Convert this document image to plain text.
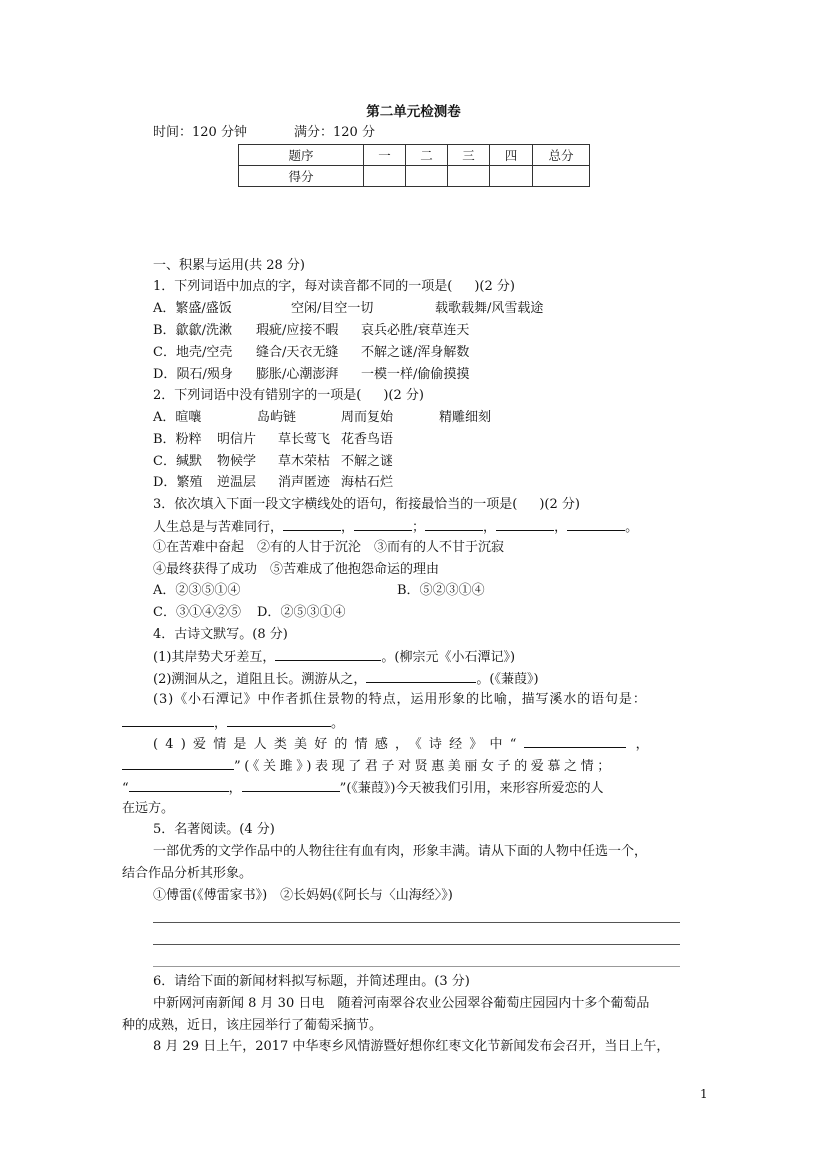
第二单元检测卷
时间：120 分钟	满分：120 分
题序	一	二	三	四	总分
得分					
一、积累与运用(共 28 分)
1．下列词语中加点的字，每对读音都不同的一项是( )(2 分)
A．繁盛/盛饭	空闲/目空一切	载歌载舞/风雪载途
B．歙歙/洗漱 瑕疵/应接不暇 哀兵必胜/衰草连天
C．地壳/空壳 缝合/天衣无缝 不解之谜/浑身解数
D．陨石/殒身 膨胀/心潮澎湃 一模一样/偷偷摸摸
2．下列词语中没有错别字的一项是( )(2 分)
A．暄嚷	岛屿链	周而复始	精雕细刻
B．粉粹 明信片 草长莺飞 花香鸟语
C．缄默 物候学 草木荣枯 不解之谜
D．繁殖 逆温层 消声匿迹 海枯石烂
3．依次填入下面一段文字横线处的语句，衔接最恰当的一项是( )(2 分)
人生总是与苦难同行，	，	；	，	，	。
①在苦难中奋起　②有的人甘于沉沦　③而有的人不甘于沉寂
④最终获得了成功　⑤苦难成了他抱怨命运的理由
A．②③⑤①④	B．⑤②③①④
C．③①④②⑤ D．②⑤③①④
4．古诗文默写。(8 分)
(1)其岸势犬牙差互，	。(柳宗元《小石潭记》)
(2)溯洄从之，道阻且长。溯游从之，	。(《蒹葭》)
(3)《小石潭记》中作者抓住景物的特点，运用形象的比喻，描写溪水的语句是：
，	。
(4)爱情是人类美好的情感，《诗经》中“	，
”(《关雎》)表现了君子对贤惠美丽女子的爱慕之情；
“	，	”(《蒹葭》)今天被我们引用，来形容所爱恋的人
在远方。
5．名著阅读。(4 分)
一部优秀的文学作品中的人物往往有血有肉，形象丰满。请从下面的人物中任选一个，
结合作品分析其形象。
①傅雷(《傅雷家书》)　②长妈妈(《阿长与〈山海经〉》)
6．请给下面的新闻材料拟写标题，并简述理由。(3 分)
中新网河南新闻 8 月 30 日电　随着河南翠谷农业公园翠谷葡萄庄园园内十多个葡萄品
种的成熟，近日，该庄园举行了葡萄采摘节。
8 月 29 日上午，2017 中华枣乡风情游暨好想你红枣文化节新闻发布会召开，当日上午，
1
